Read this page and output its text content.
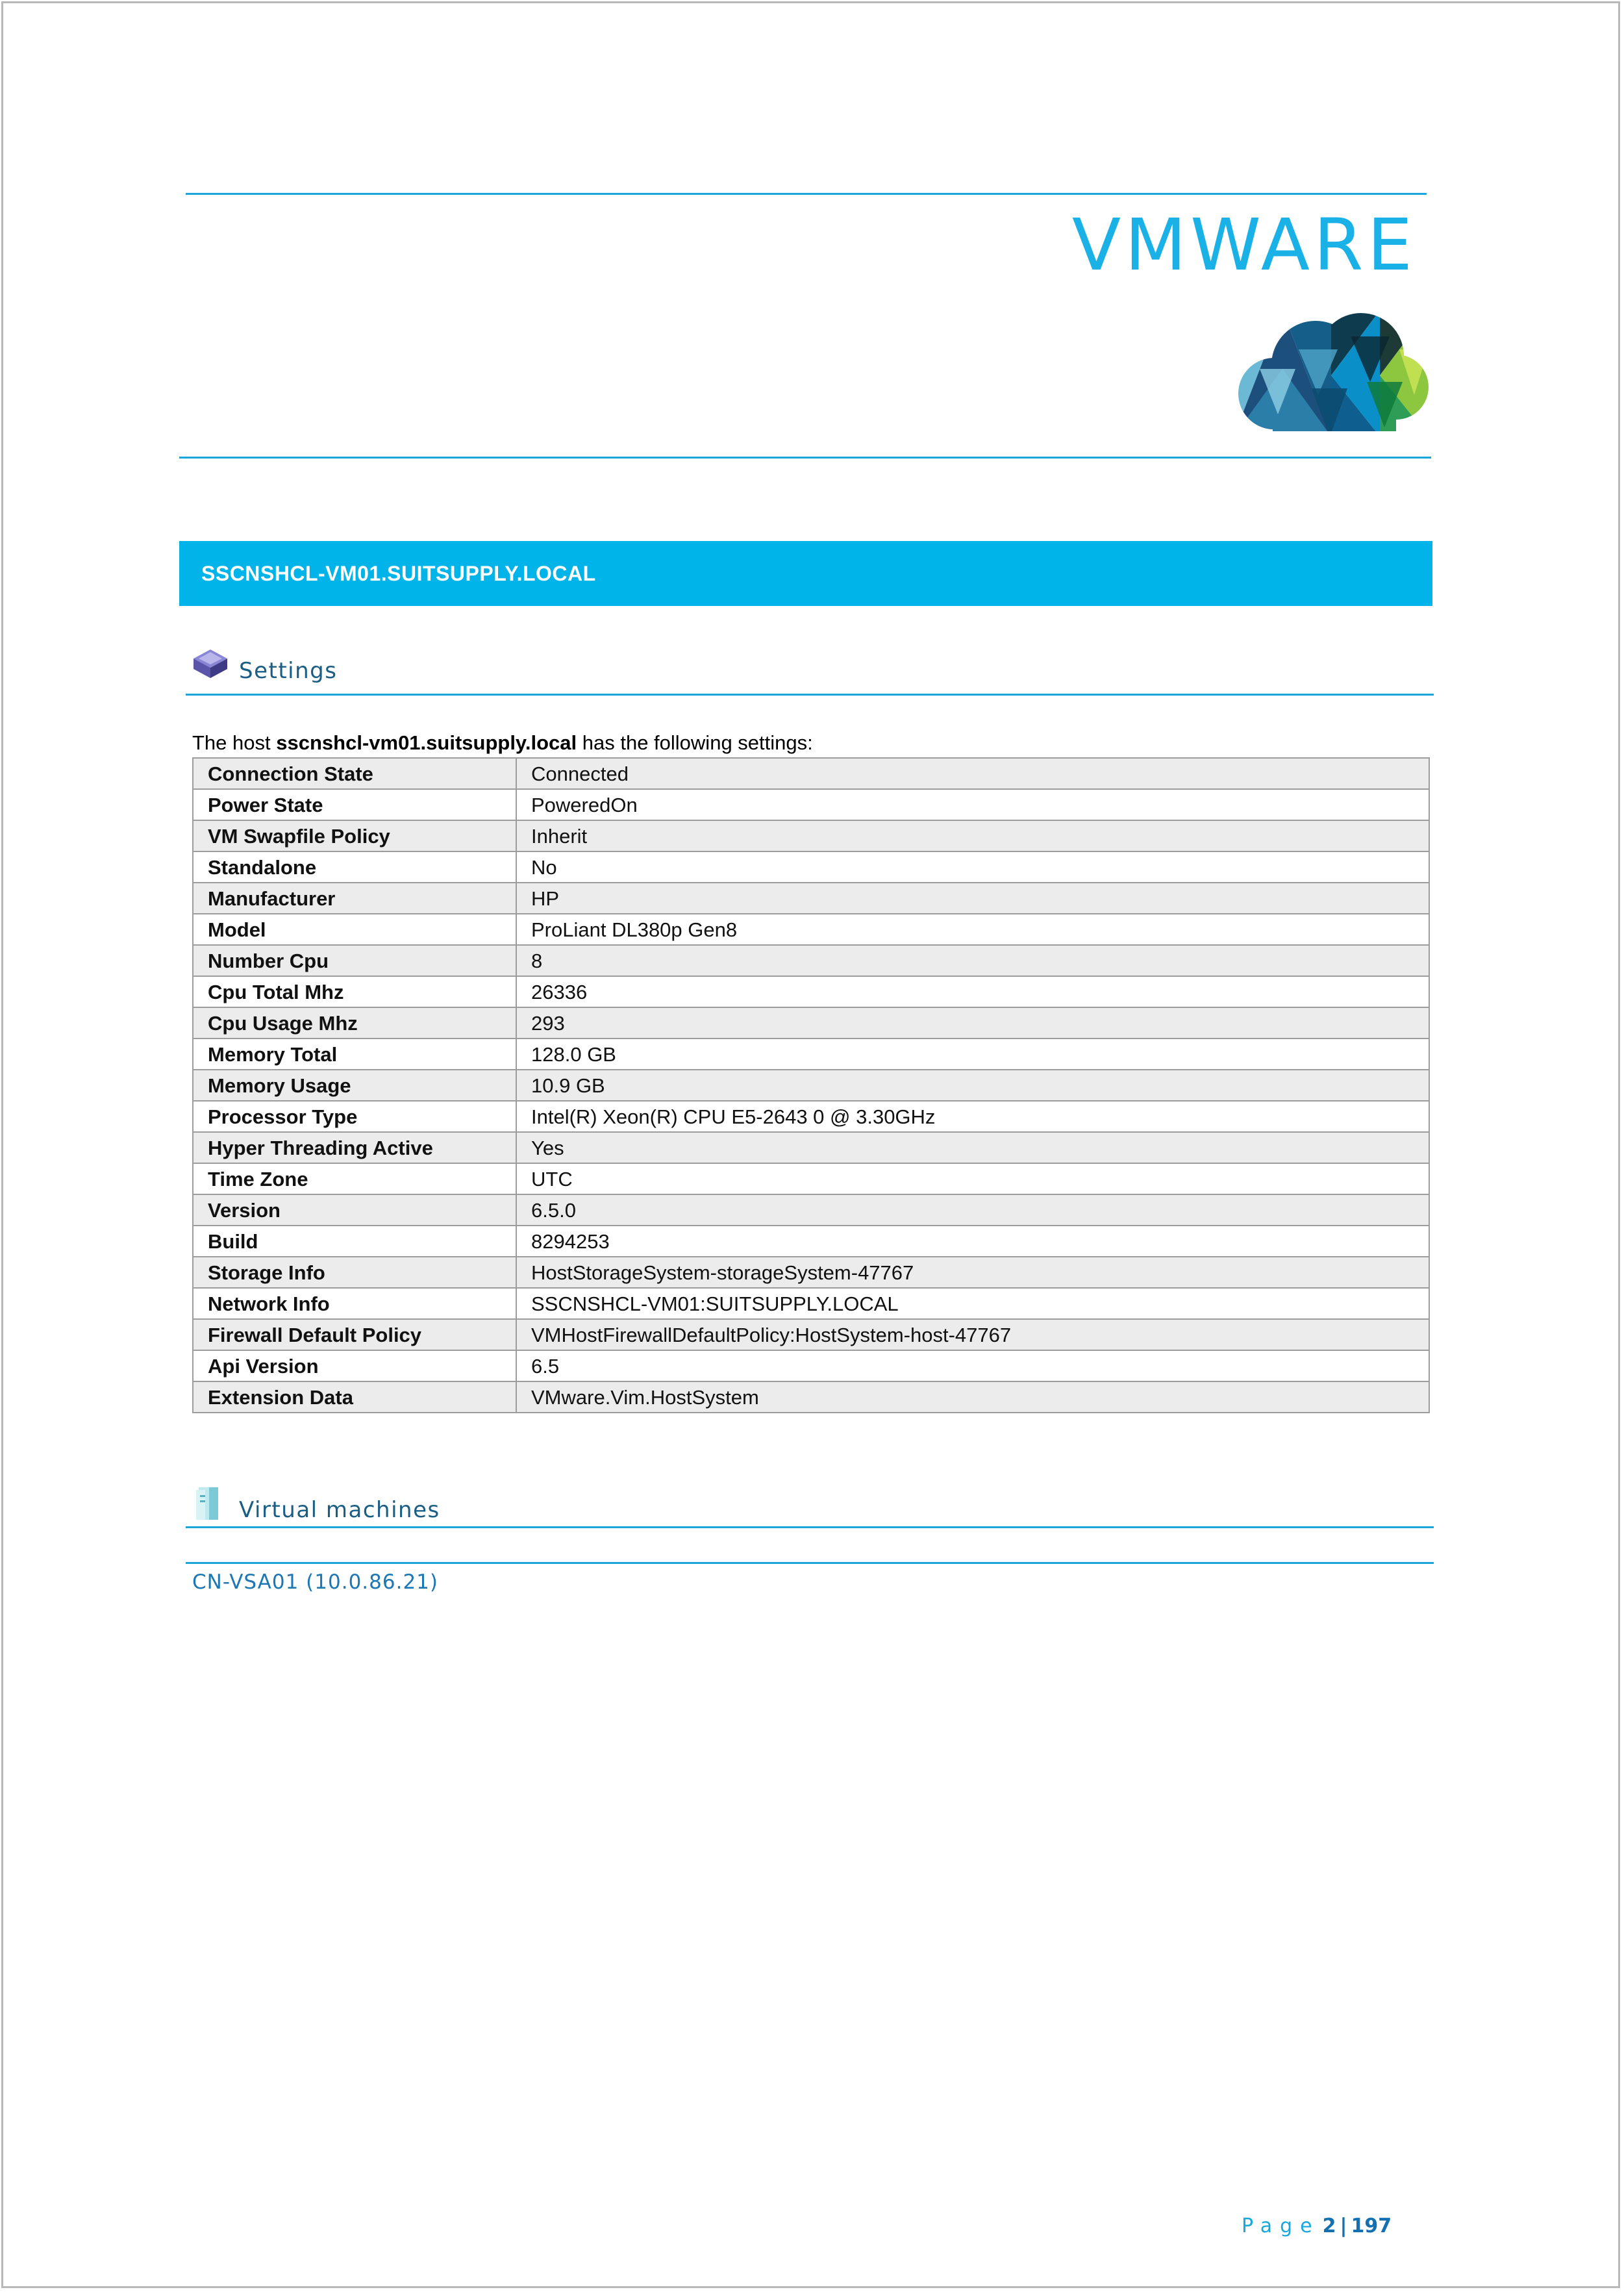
VMWARE
SSCNSHCL-VM01.SUITSUPPLY.LOCAL
Settings
The host sscnshcl-vm01.suitsupply.local has the following settings:
Connection State	Connected
Power State	PoweredOn
VM Swapfile Policy	Inherit
Standalone	No
Manufacturer	HP
Model	ProLiant DL380p Gen8
Number Cpu	8
Cpu Total Mhz	26336
Cpu Usage Mhz	293
Memory Total	128.0 GB
Memory Usage	10.9 GB
Processor Type	Intel(R) Xeon(R) CPU E5-2643 0 @ 3.30GHz
Hyper Threading Active	Yes
Time Zone	UTC
Version	6.5.0
Build	8294253
Storage Info	HostStorageSystem-storageSystem-47767
Network Info	SSCNSHCL-VM01:SUITSUPPLY.LOCAL
Firewall Default Policy	VMHostFirewallDefaultPolicy:HostSystem-host-47767
Api Version	6.5
Extension Data	VMware.Vim.HostSystem
Virtual machines
CN-VSA01 (10.0.86.21)
Page 2 | 197
